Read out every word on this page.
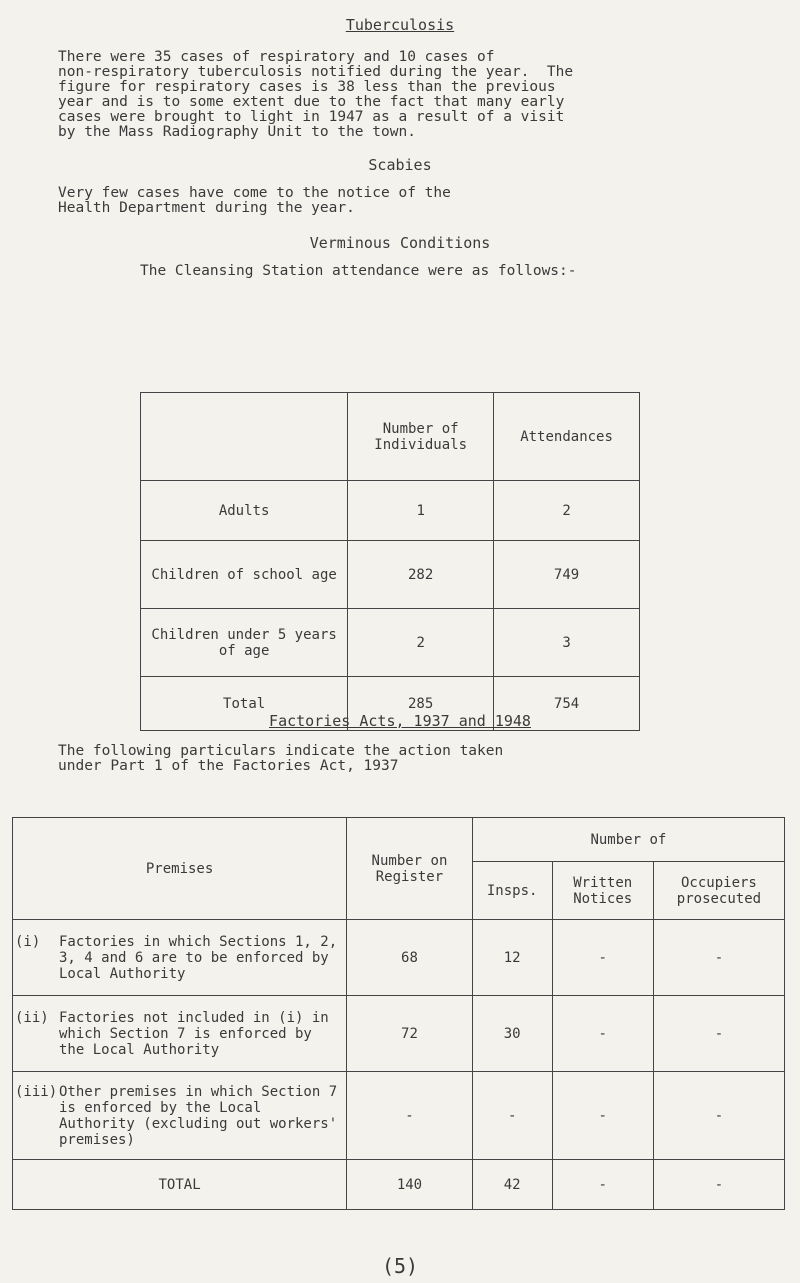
Tuberculosis
There were 35 cases of respiratory and 10 cases of
non-respiratory tuberculosis notified during the year.  The
figure for respiratory cases is 38 less than the previous
year and is to some extent due to the fact that many early
cases were brought to light in 1947 as a result of a visit
by the Mass Radiography Unit to the town.
Scabies
Very few cases have come to the notice of the
Health Department during the year.
Verminous Conditions
The Cleansing Station attendance were as follows:-
	Number of Individuals	Attendances
Adults	1	2
Children of school age	282	749
Children under 5 years of age	2	3
Total	285	754
Factories Acts, 1937 and 1948
The following particulars indicate the action taken
under Part 1 of the Factories Act, 1937
Premises	Number on Register	Number of		
		Insps.	Written Notices	Occupiers prosecuted

(i) Factories in which Sections 1, 2, 3, 4 and 6 are to be enforced by Local Authority	68	12	-	-

(ii) Factories not included in (i) in which Section 7 is enforced by the Local Authority	72	30	-	-

(iii) Other premises in which Section 7 is enforced by the Local Authority (excluding out workers' premises)	-	-	-	-
TOTAL	140	42	-	-
(5)
